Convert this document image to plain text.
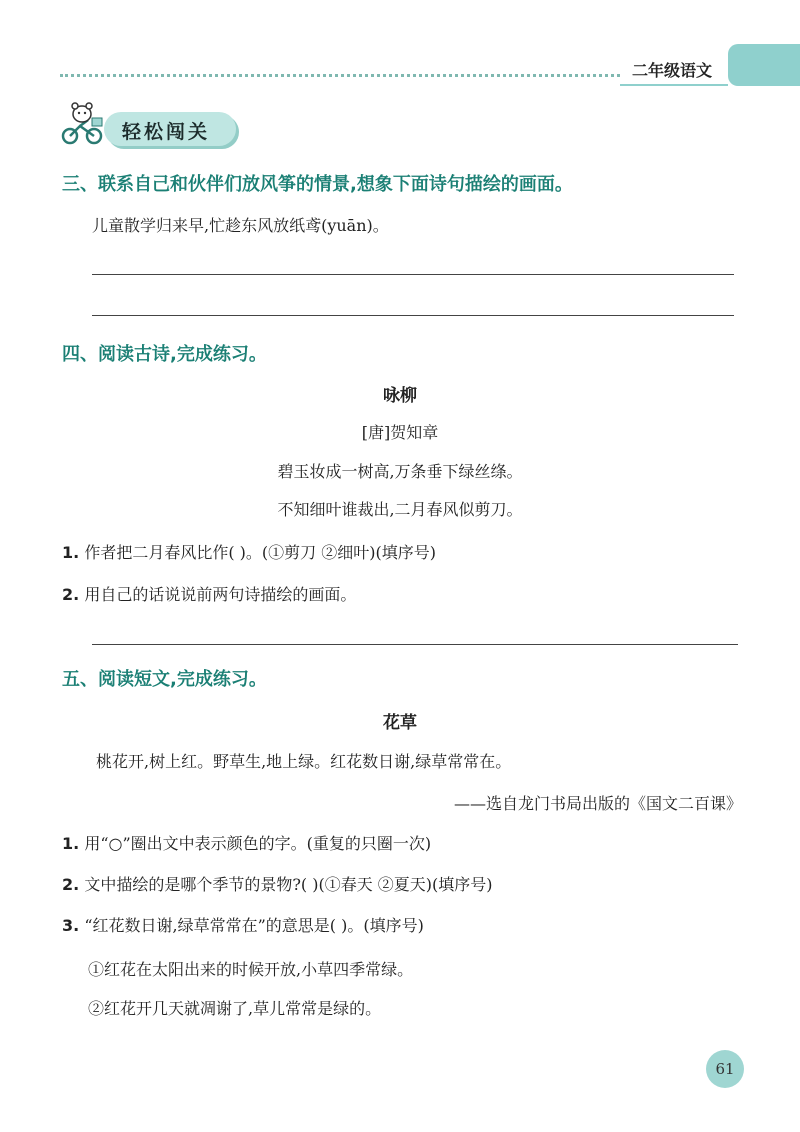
二年级语文
轻松闯关
三、联系自己和伙伴们放风筝的情景,想象下面诗句描绘的画面。
儿童散学归来早,忙趁东风放纸鸢(yuān)。
四、阅读古诗,完成练习。
咏柳
[唐]贺知章
碧玉妆成一树高,万条垂下绿丝绦。
不知细叶谁裁出,二月春风似剪刀。
1. 作者把二月春风比作( )。(①剪刀 ②细叶)(填序号)
2. 用自己的话说说前两句诗描绘的画面。
五、阅读短文,完成练习。
花草
桃花开,树上红。野草生,地上绿。红花数日谢,绿草常常在。
——选自龙门书局出版的《国文二百课》
1. 用“○”圈出文中表示颜色的字。(重复的只圈一次)
2. 文中描绘的是哪个季节的景物?( )(①春天 ②夏天)(填序号)
3. “红花数日谢,绿草常常在”的意思是( )。(填序号)
①红花在太阳出来的时候开放,小草四季常绿。
②红花开几天就凋谢了,草儿常常是绿的。
61
